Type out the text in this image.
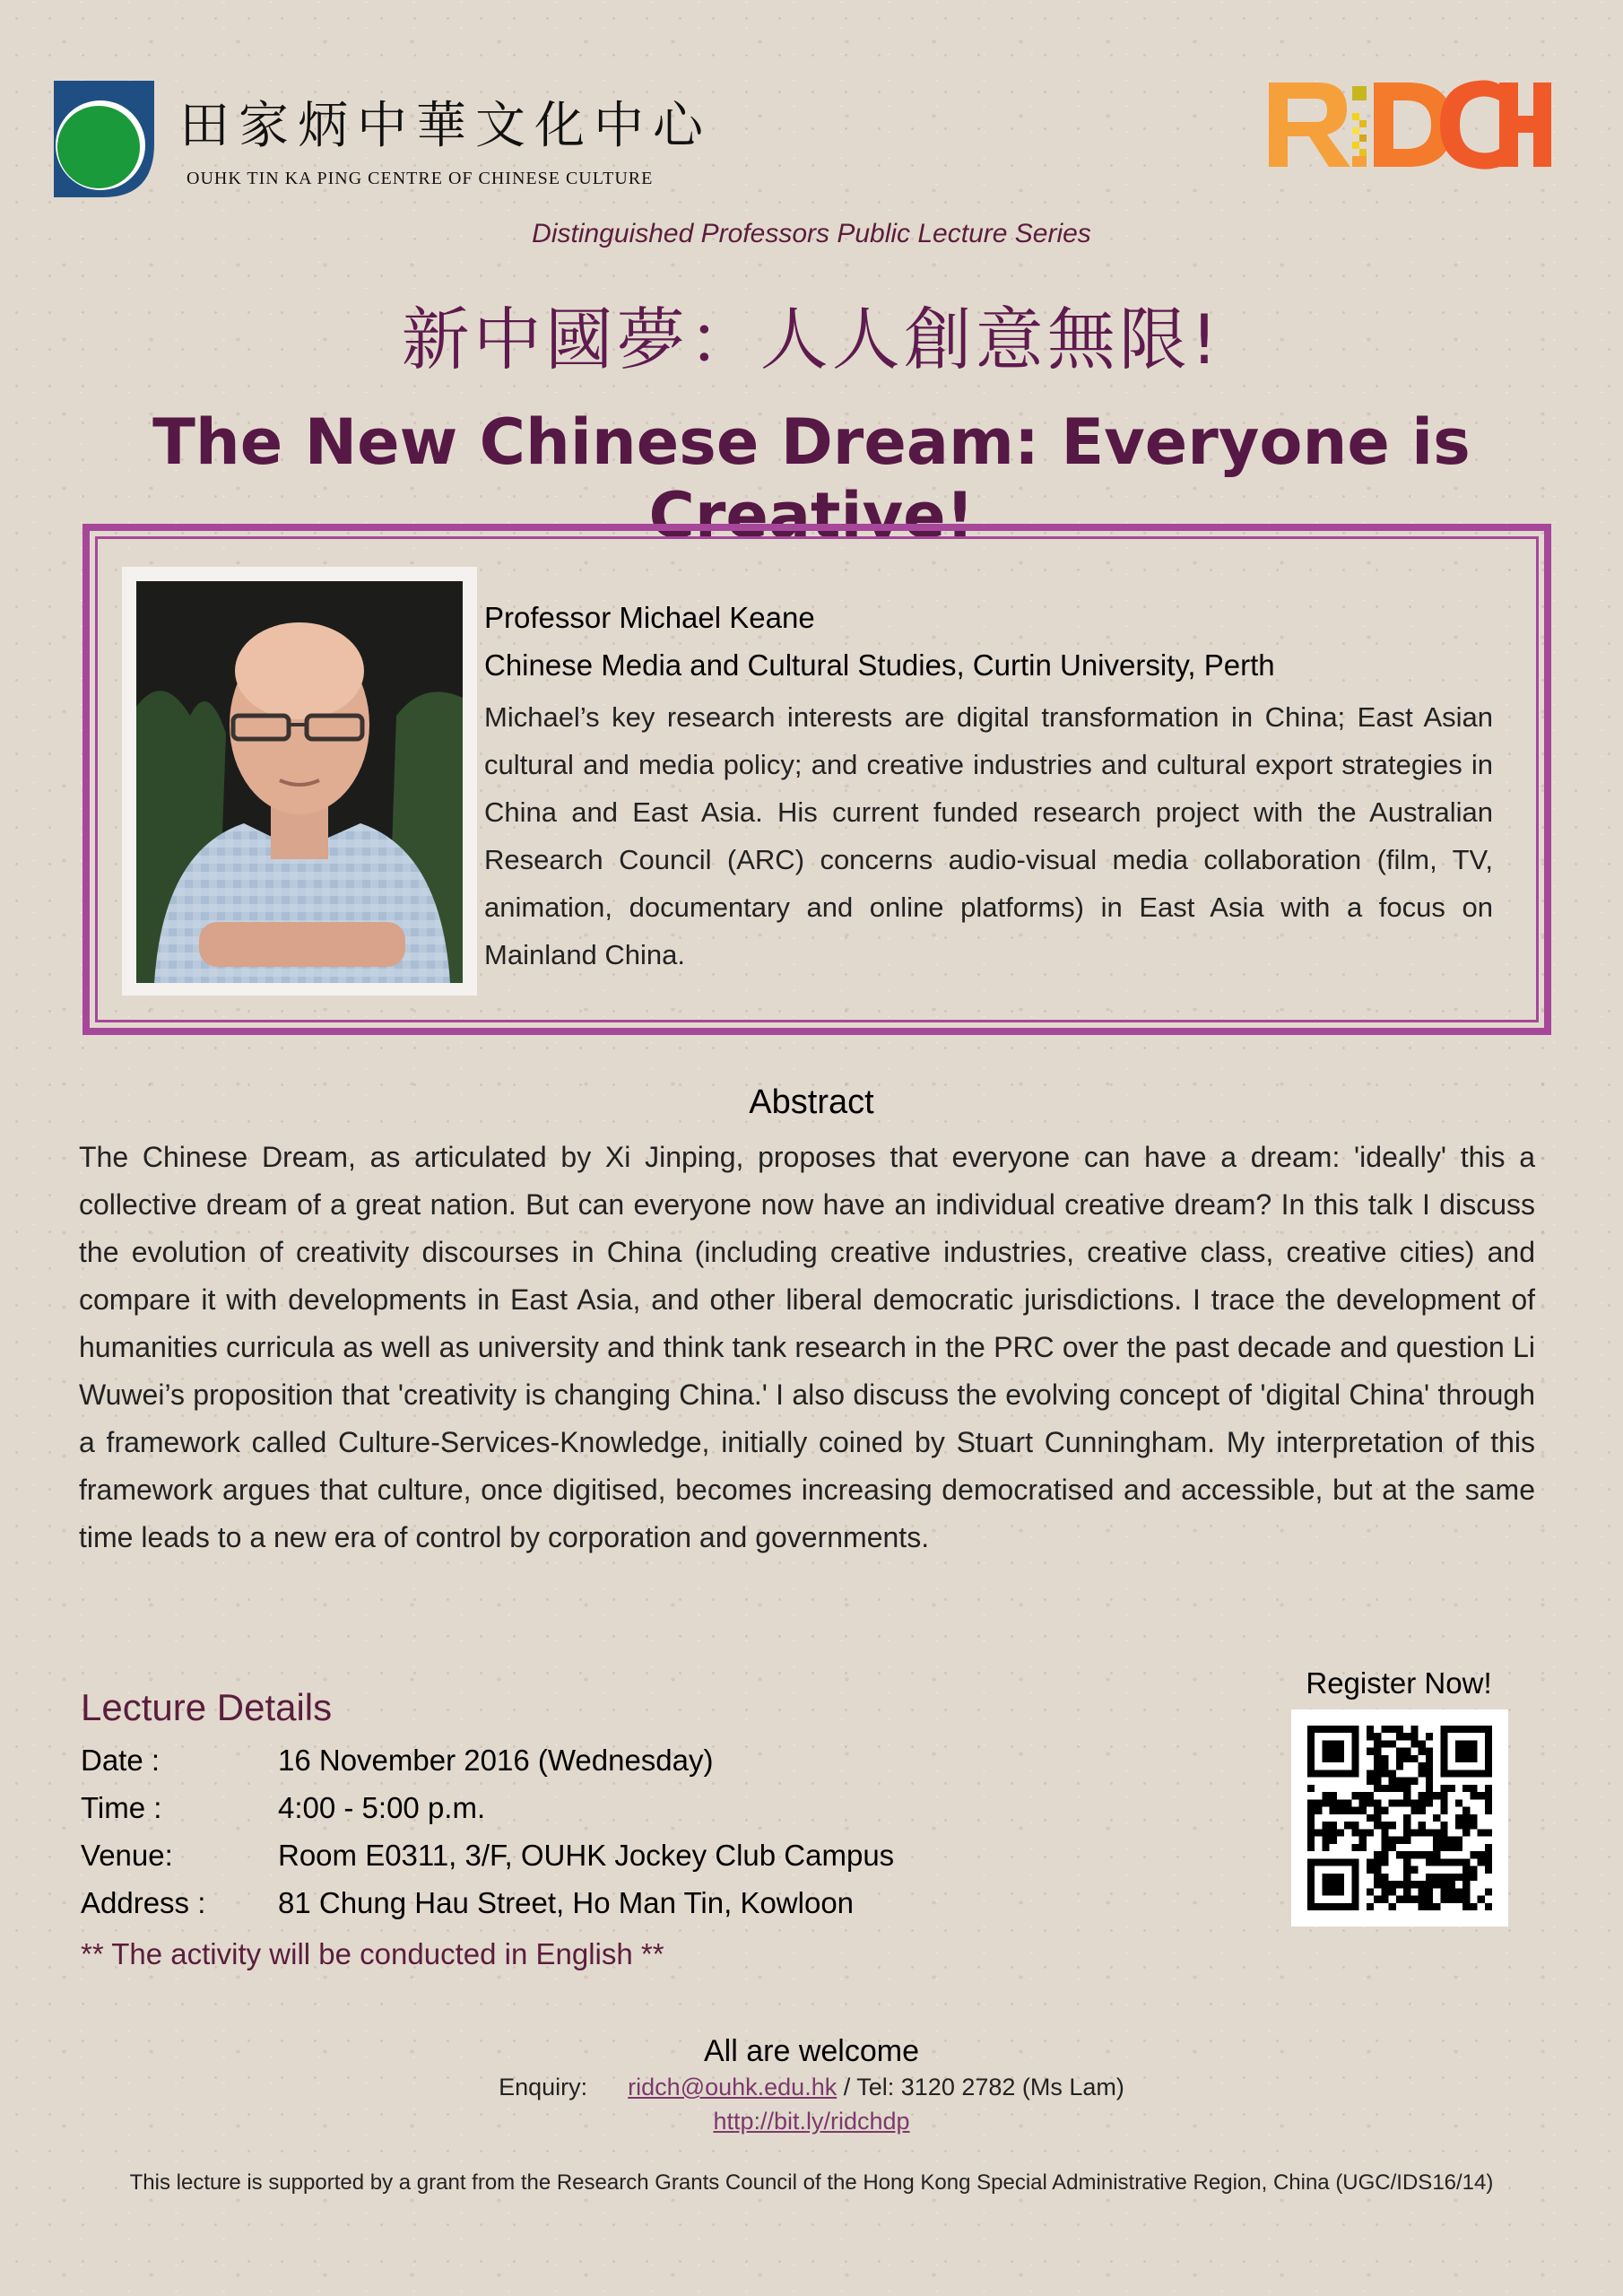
田家炳中華文化中心
OUHK TIN KA PING CENTRE OF CHINESE CULTURE
Distinguished Professors Public Lecture Series
新中國夢：人人創意無限!
The New Chinese Dream: Everyone is Creative!
Professor Michael Keane
Chinese Media and Cultural Studies, Curtin University, Perth
Michael’s key research interests are digital transformation in China; East Asian cultural and media policy; and creative industries and cultural export strategies in China and East Asia. His current funded research project with the Australian Research Council (ARC) concerns audio-visual media collaboration (film, TV, animation, documentary and online platforms) in East Asia with a focus on Mainland China.
Abstract
The Chinese Dream, as articulated by Xi Jinping, proposes that everyone can have a dream: 'ideally' this a collective dream of a great nation. But can everyone now have an individual creative dream? In this talk I discuss the evolution of creativity discourses in China (including creative industries, creative class, creative cities) and compare it with developments in East Asia, and other liberal democratic jurisdictions. I trace the development of humanities curricula as well as university and think tank research in the PRC over the past decade and question Li Wuwei’s proposition that 'creativity is changing China.' I also discuss the evolving concept of 'digital China' through a framework called Culture-Services-Knowledge, initially coined by Stuart Cunningham. My interpretation of this framework argues that culture, once digitised, becomes increasing democratised and accessible, but at the same time leads to a new era of control by corporation and governments.
Lecture Details
Date :	16 November 2016 (Wednesday)
Time :	4:00 - 5:00 p.m.
Venue:	Room E0311, 3/F, OUHK Jockey Club Campus
Address : 81 Chung Hau Street, Ho Man Tin, Kowloon
** The activity will be conducted in English **
Register Now!
All are welcome
Enquiry: ridch@ouhk.edu.hk / Tel: 3120 2782 (Ms Lam)
http://bit.ly/ridchdp
This lecture is supported by a grant from the Research Grants Council of the Hong Kong Special Administrative Region, China (UGC/IDS16/14)
